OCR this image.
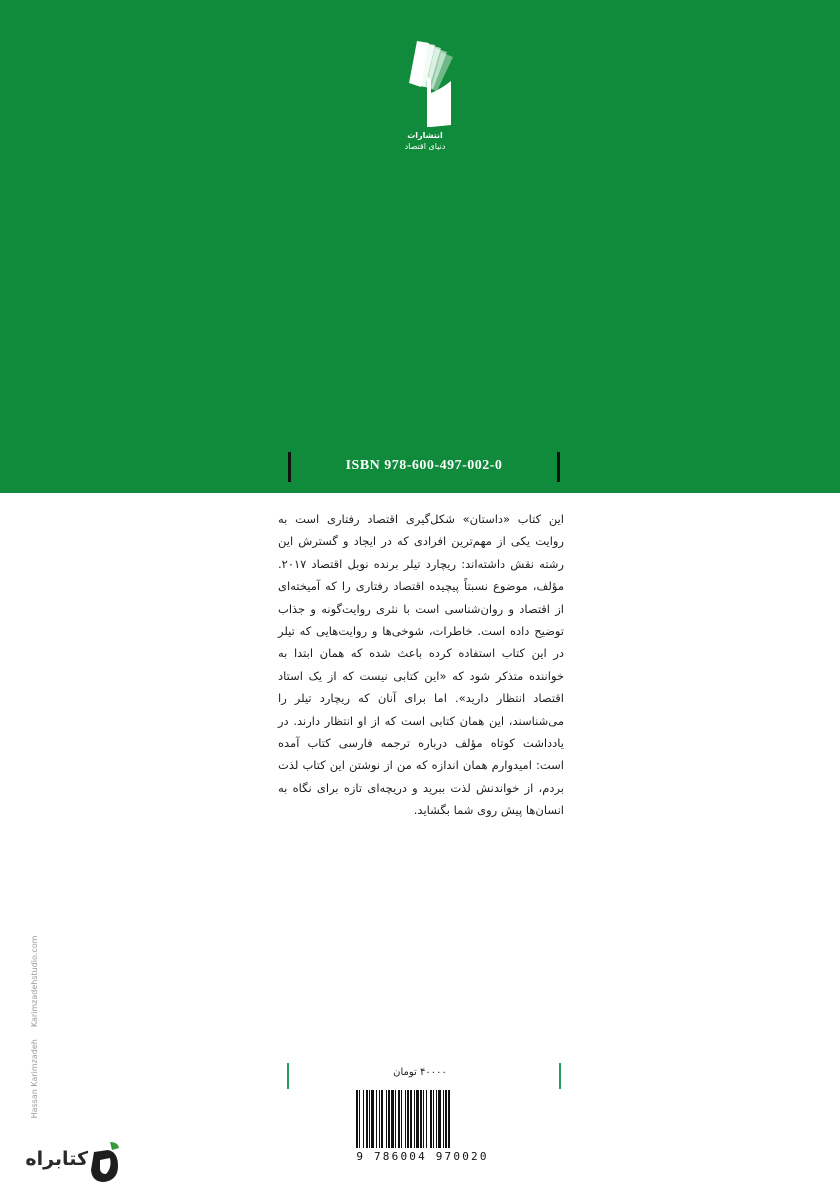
انتشارات
دنیای اقتصاد
ISBN 978-600-497-002-0
این کتاب «داستان» شکل‌گیری اقتصاد رفتاری است به روایت یکی از مهم‌ترین افرادی که در ایجاد و گسترش این رشته نقش داشته‌اند: ریچارد تیلر برنده نوبل اقتصاد ۲۰۱۷. مؤلف، موضوع نسبتاً پیچیده اقتصاد رفتاری را که آمیخته‌ای از اقتصاد و روان‌شناسی است با نثری روایت‌گونه و جذاب توضیح داده است. خاطرات، شوخی‌ها و روایت‌هایی که تیلر در این کتاب استفاده کرده باعث شده که همان ابتدا به خواننده متذکر شود که «این کتابی نیست که از یک استاد اقتصاد انتظار دارید». اما برای آنان که ریچارد تیلر را می‌شناسند، این همان کتابی است که از او انتظار دارند. در یادداشت کوتاه مؤلف درباره ترجمه فارسی کتاب آمده است: امیدوارم همان اندازه که من از نوشتن این کتاب لذت بردم، از خواندنش لذت ببرید و دریچه‌ای تازه برای نگاه به انسان‌ها پیش روی شما بگشاید.
۴۰۰۰۰ تومان
9 786004 970020
Hassan KarimzadehKarimzadehstudio.com
کتابراه
